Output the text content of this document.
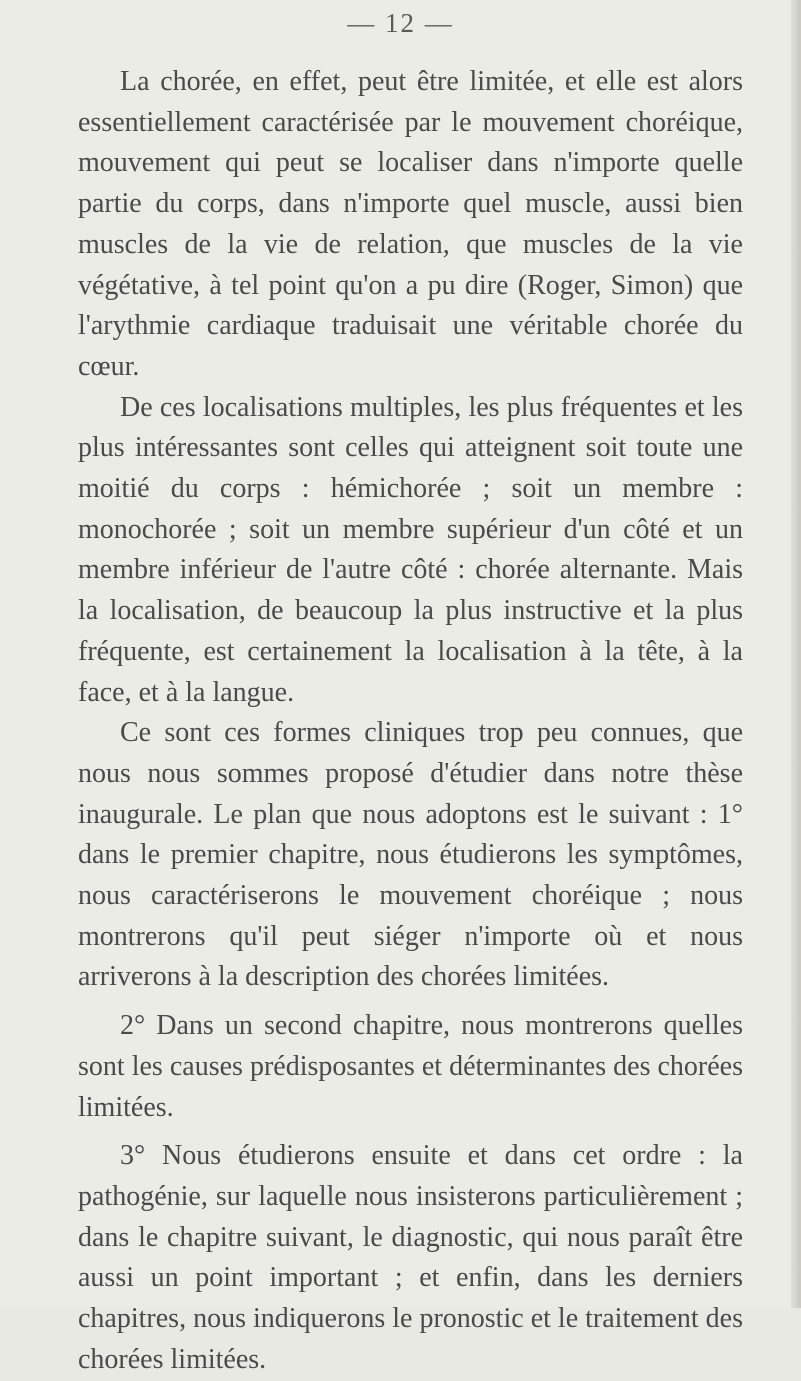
— 12 —

La chorée, en effet, peut être limitée, et elle est alors essentiellement caractérisée par le mouvement choréique, mouvement qui peut se localiser dans n'importe quelle partie du corps, dans n'importe quel muscle, aussi bien muscles de la vie de relation, que muscles de la vie végétative, à tel point qu'on a pu dire (Roger, Simon) que l'arythmie cardiaque traduisait une véritable chorée du cœur.

De ces localisations multiples, les plus fréquentes et les plus intéressantes sont celles qui atteignent soit toute une moitié du corps : hémichorée ; soit un membre : monochorée ; soit un membre supérieur d'un côté et un membre inférieur de l'autre côté : chorée alternante. Mais la localisation, de beaucoup la plus instructive et la plus fréquente, est certainement la localisation à la tête, à la face, et à la langue.

Ce sont ces formes cliniques trop peu connues, que nous nous sommes proposé d'étudier dans notre thèse inaugurale. Le plan que nous adoptons est le suivant : 1° dans le premier chapitre, nous étudierons les symptômes, nous caractériserons le mouvement choréique ; nous montrerons qu'il peut siéger n'importe où et nous arriverons à la description des chorées limitées.

2° Dans un second chapitre, nous montrerons quelles sont les causes prédisposantes et déterminantes des chorées limitées.

3° Nous étudierons ensuite et dans cet ordre : la pathogénie, sur laquelle nous insisterons particulièrement ; dans le chapitre suivant, le diagnostic, qui nous paraît être aussi un point important ; et enfin, dans les derniers chapitres, nous indiquerons le pronostic et le traitement des chorées limitées.
